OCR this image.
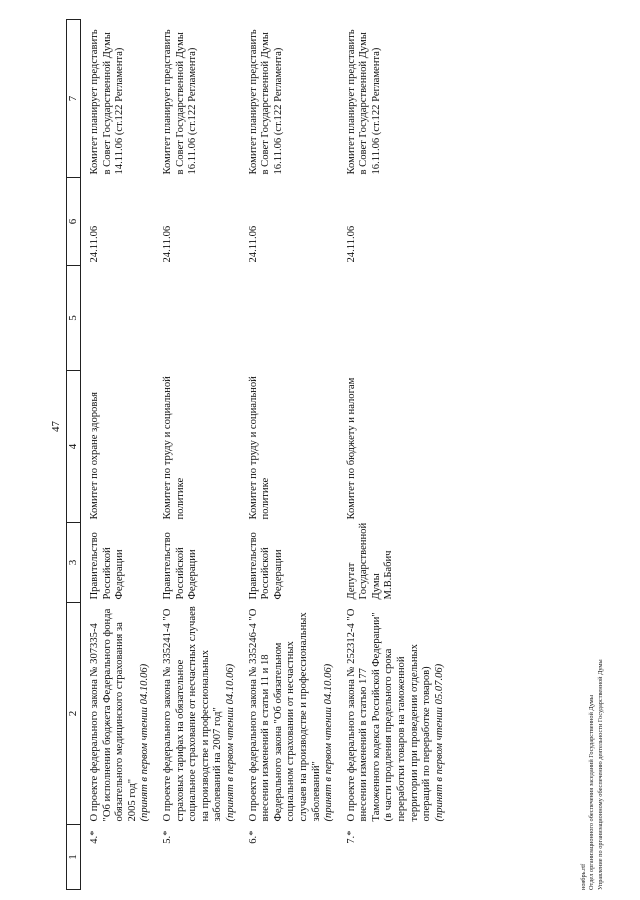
47
1	2	3	4	5	6	7
4.*	О проекте федерального закона № 307335-4 "Об исполнении бюджета Федерального фонда обязательного медицинского страхования за 2005 год" (принят в первом чтении 04.10.06)	Правительство Российской Федерации	Комитет по охране здоровья		24.11.06	Комитет планирует представить в Совет Государственной Думы 14.11.06 (ст.122 Регламента)
5.*	О проекте федерального закона № 335241-4 "О страховых тарифах на обязательное социальное страхование от несчастных случаев на производстве и профессиональных заболеваний на 2007 год" (принят в первом чтении 04.10.06)	Правительство Российской Федерации	Комитет по труду и социальной политике		24.11.06	Комитет планирует представить в Совет Государственной Думы 16.11.06 (ст.122 Регламента)
6.*	О проекте федерального закона № 335246-4 "О внесении изменений в статьи 11 и 18 Федерального закона "Об обязательном социальном страховании от несчастных случаев на производстве и профессиональных заболеваний" (принят в первом чтении 04.10.06)	Правительство Российской Федерации	Комитет по труду и социальной политике		24.11.06	Комитет планирует представить в Совет Государственной Думы 16.11.06 (ст.122 Регламента)
7.*	О проекте федерального закона № 252312-4 "О внесении изменений в статью 177 Таможенного кодекса Российской Федерации" (в части продления предельного срока переработки товаров на таможенной территории при проведении отдельных операций по переработке товаров) (принят в первом чтении 05.07.06)	Депутат Государственной Думы М.В.Бабич	Комитет по бюджету и налогам		24.11.06	Комитет планирует представить в Совет Государственной Думы 16.11.06 (ст.122 Регламента)
ноябрь.rtf Отдел организационного обеспечения заседаний Государственной Думы Управление по организационному обеспечению деятельности Государственной Думы
